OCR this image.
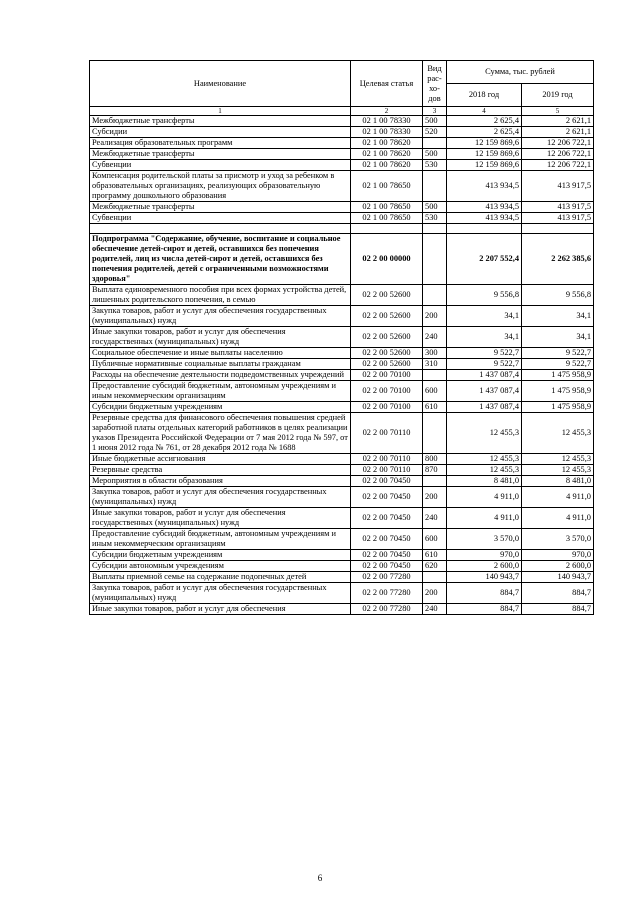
Наименование	Целевая статья	Вид рас-хо-дов	Сумма, тыс. рублей	
			2018 год	2019 год
1	2	3	4	5
Межбюджетные трансферты	02 1 00 78330	500	2 625,4	2 621,1
Субсидии	02 1 00 78330	520	2 625,4	2 621,1
Реализация образовательных программ	02 1 00 78620		12 159 869,6	12 206 722,1
Межбюджетные трансферты	02 1 00 78620	500	12 159 869,6	12 206 722,1
Субвенции	02 1 00 78620	530	12 159 869,6	12 206 722,1
Компенсация родительской платы за присмотр и уход за ребенком в образовательных организациях, реализующих образовательную программу дошкольного образования	02 1 00 78650		413 934,5	413 917,5
Межбюджетные трансферты	02 1 00 78650	500	413 934,5	413 917,5
Субвенции	02 1 00 78650	530	413 934,5	413 917,5

Подпрограмма "Содержание, обучение, воспитание и социальное обеспечение детей-сирот и детей, оставшихся без попечения родителей, лиц из числа детей-сирот и детей, оставшихся без попечения родителей, детей с ограниченными возможностями здоровья"	02 2 00 00000		2 207 552,4	2 262 385,6
Выплата единовременного пособия при всех формах устройства детей, лишенных родительского попечения, в семью	02 2 00 52600		9 556,8	9 556,8
Закупка товаров, работ и услуг для обеспечения государственных (муниципальных) нужд	02 2 00 52600	200	34,1	34,1
Иные закупки товаров, работ и услуг для обеспечения государственных (муниципальных) нужд	02 2 00 52600	240	34,1	34,1
Социальное обеспечение и иные выплаты населению	02 2 00 52600	300	9 522,7	9 522,7
Публичные нормативные социальные выплаты гражданам	02 2 00 52600	310	9 522,7	9 522,7
Расходы на обеспечение деятельности подведомственных учреждений	02 2 00 70100		1 437 087,4	1 475 958,9
Предоставление субсидий бюджетным, автономным учреждениям и иным некоммерческим организациям	02 2 00 70100	600	1 437 087,4	1 475 958,9
Субсидии бюджетным учреждениям	02 2 00 70100	610	1 437 087,4	1 475 958,9
Резервные средства для финансового обеспечения повышения средней заработной платы отдельных категорий работников в целях реализации указов Президента Российской Федерации от 7 мая 2012 года № 597, от 1 июня 2012 года № 761, от 28 декабря 2012 года № 1688	02 2 00 70110		12 455,3	12 455,3
Иные бюджетные ассигнования	02 2 00 70110	800	12 455,3	12 455,3
Резервные средства	02 2 00 70110	870	12 455,3	12 455,3
Мероприятия в области образования	02 2 00 70450		8 481,0	8 481,0
Закупка товаров, работ и услуг для обеспечения государственных (муниципальных) нужд	02 2 00 70450	200	4 911,0	4 911,0
Иные закупки товаров, работ и услуг для обеспечения государственных (муниципальных) нужд	02 2 00 70450	240	4 911,0	4 911,0
Предоставление субсидий бюджетным, автономным учреждениям и иным некоммерческим организациям	02 2 00 70450	600	3 570,0	3 570,0
Субсидии бюджетным учреждениям	02 2 00 70450	610	970,0	970,0
Субсидии автономным учреждениям	02 2 00 70450	620	2 600,0	2 600,0
Выплаты приемной семье на содержание подопечных детей	02 2 00 77280		140 943,7	140 943,7
Закупка товаров, работ и услуг для обеспечения государственных (муниципальных) нужд	02 2 00 77280	200	884,7	884,7
Иные закупки товаров, работ и услуг для обеспечения	02 2 00 77280	240	884,7	884,7
6
